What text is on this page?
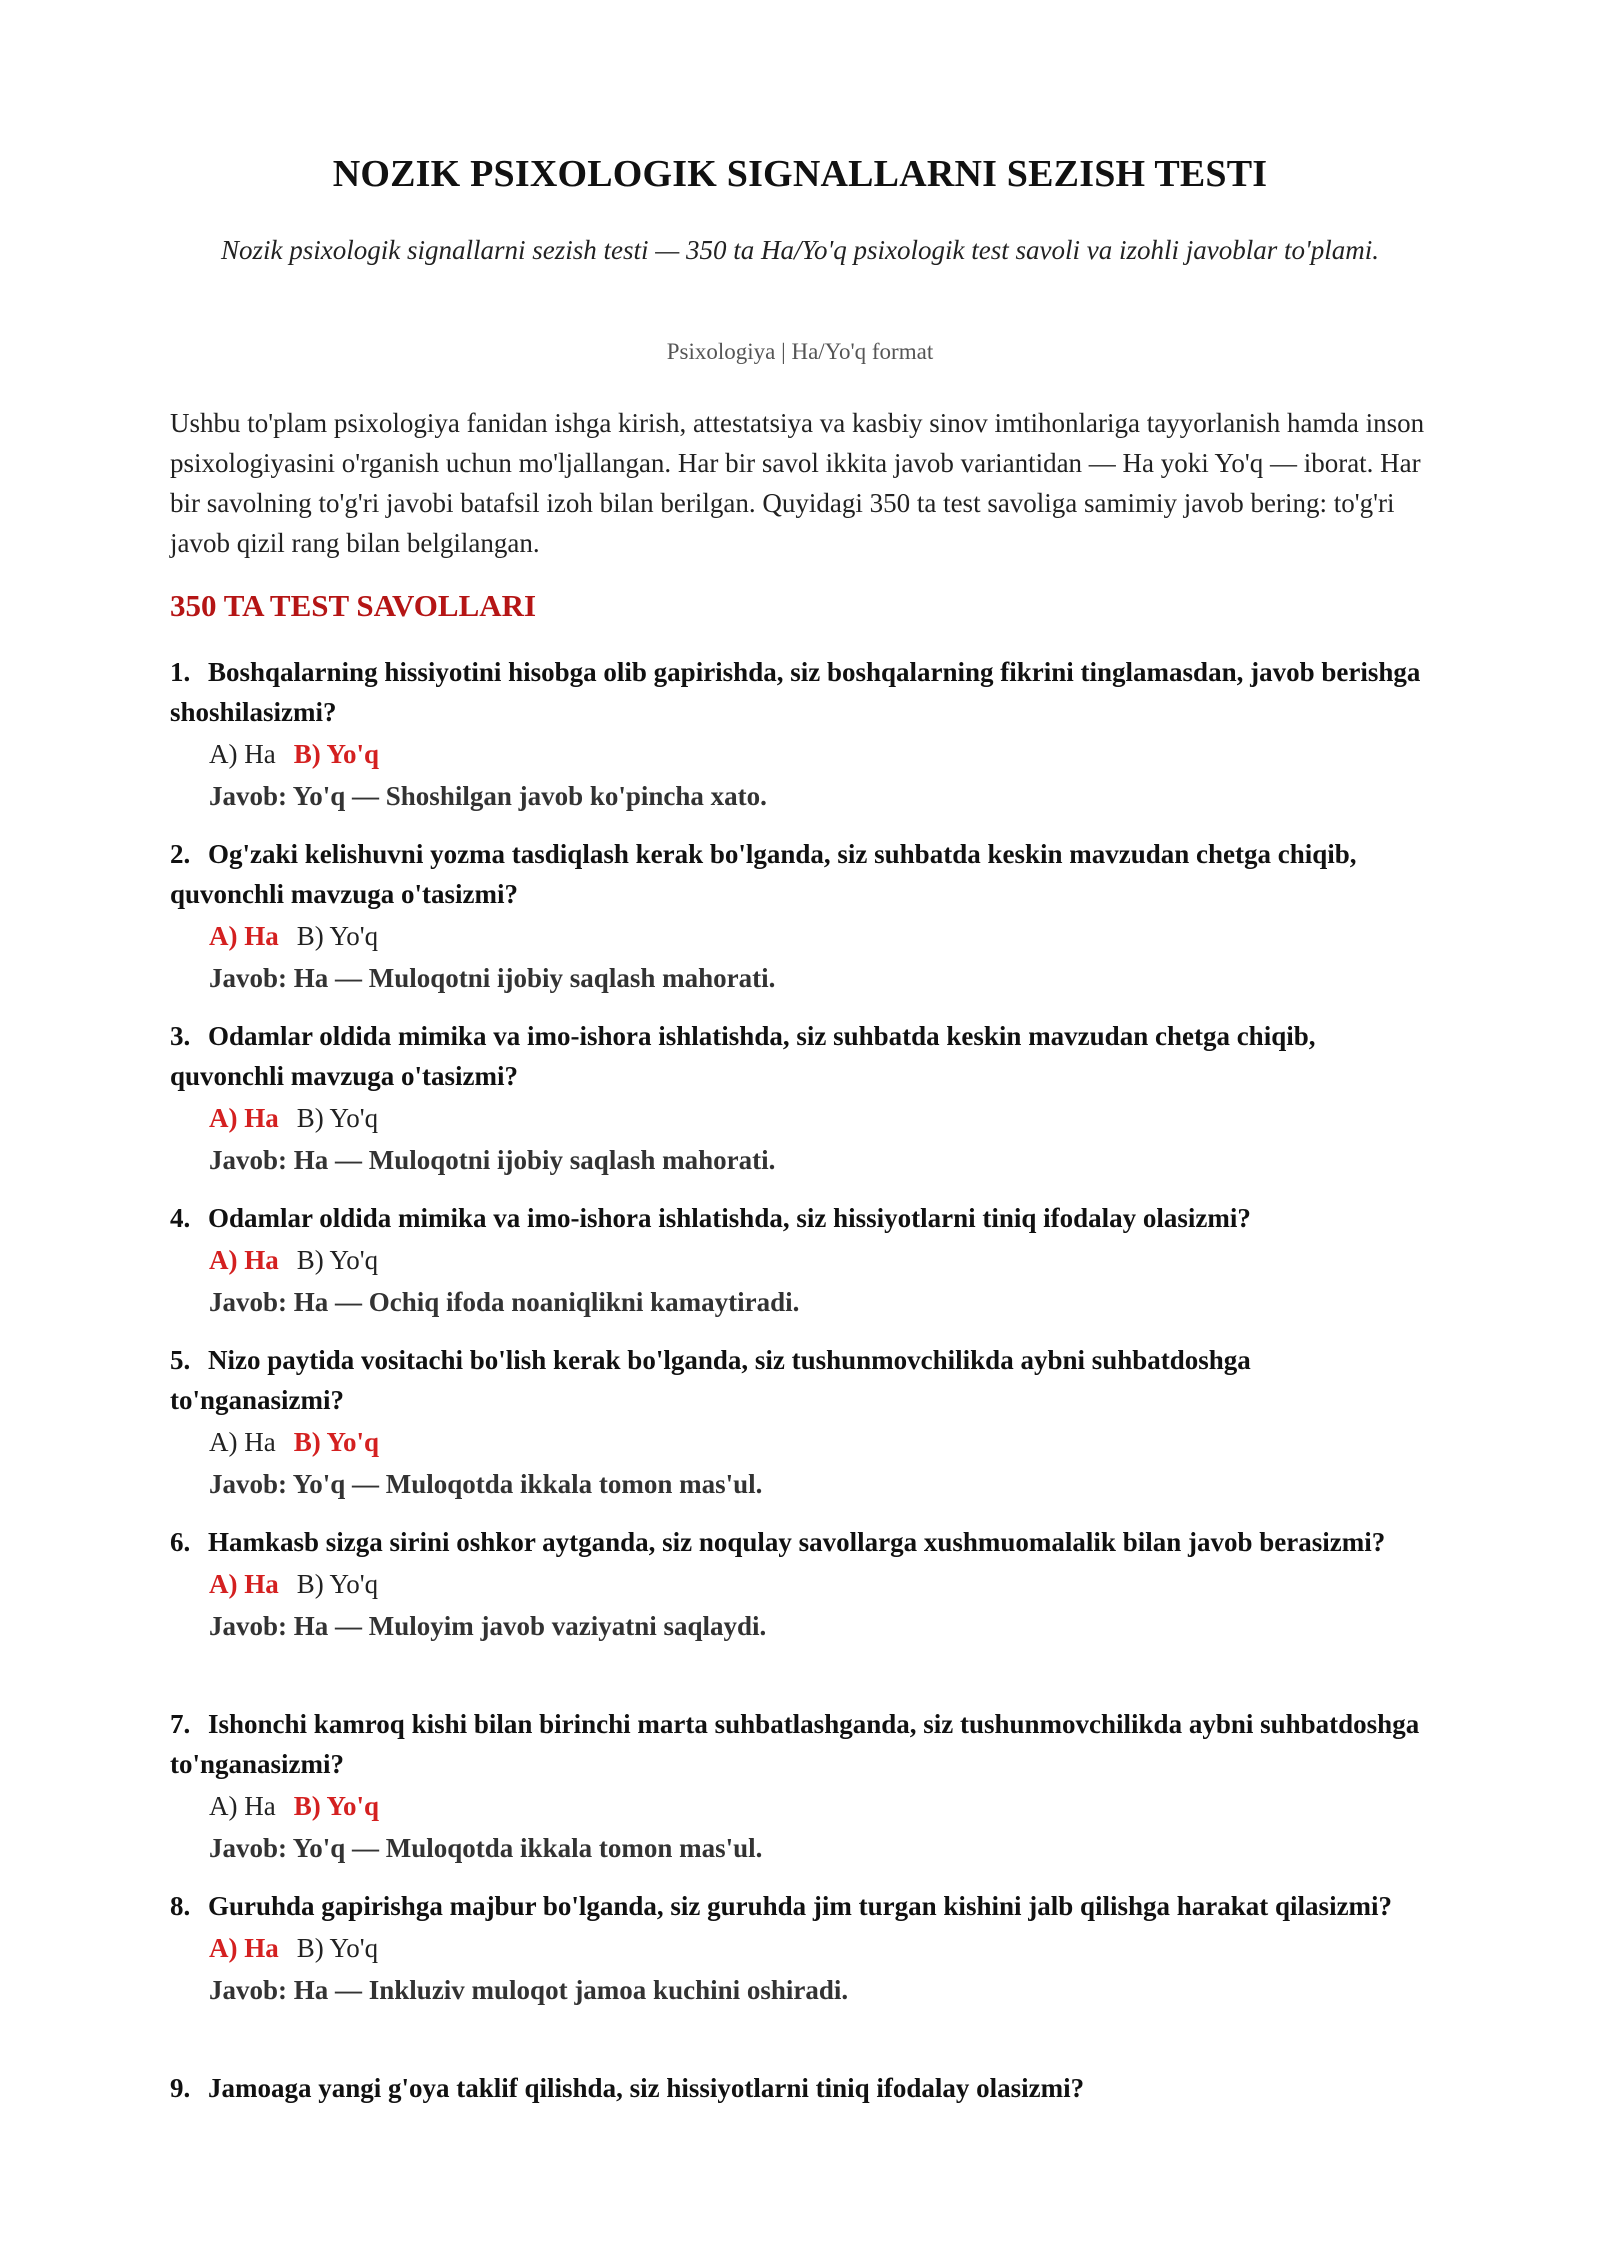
NOZIK PSIXOLOGIK SIGNALLARNI SEZISH TESTI
Nozik psixologik signallarni sezish testi — 350 ta Ha/Yo'q psixologik test savoli va izohli javoblar to'plami.
Psixologiya | Ha/Yo'q format
Ushbu to'plam psixologiya fanidan ishga kirish, attestatsiya va kasbiy sinov imtihonlariga tayyorlanish hamda inson psixologiyasini o'rganish uchun mo'ljallangan. Har bir savol ikkita javob variantidan — Ha yoki Yo'q — iborat. Har bir savolning to'g'ri javobi batafsil izoh bilan berilgan. Quyidagi 350 ta test savoliga samimiy javob bering: to'g'ri javob qizil rang bilan belgilangan.
350 TA TEST SAVOLLARI
1. Boshqalarning hissiyotini hisobga olib gapirishda, siz boshqalarning fikrini tinglamasdan, javob berishga shoshilasizmi?
A) Ha B) Yo'q
Javob: Yo'q — Shoshilgan javob ko'pincha xato.
2. Og'zaki kelishuvni yozma tasdiqlash kerak bo'lganda, siz suhbatda keskin mavzudan chetga chiqib, quvonchli mavzuga o'tasizmi?
A) Ha B) Yo'q
Javob: Ha — Muloqotni ijobiy saqlash mahorati.
3. Odamlar oldida mimika va imo-ishora ishlatishda, siz suhbatda keskin mavzudan chetga chiqib, quvonchli mavzuga o'tasizmi?
A) Ha B) Yo'q
Javob: Ha — Muloqotni ijobiy saqlash mahorati.
4. Odamlar oldida mimika va imo-ishora ishlatishda, siz hissiyotlarni tiniq ifodalay olasizmi?
A) Ha B) Yo'q
Javob: Ha — Ochiq ifoda noaniqlikni kamaytiradi.
5. Nizo paytida vositachi bo'lish kerak bo'lganda, siz tushunmovchilikda aybni suhbatdoshga to'nganasizmi?
A) Ha B) Yo'q
Javob: Yo'q — Muloqotda ikkala tomon mas'ul.
6. Hamkasb sizga sirini oshkor aytganda, siz noqulay savollarga xushmuomalalik bilan javob berasizmi?
A) Ha B) Yo'q
Javob: Ha — Muloyim javob vaziyatni saqlaydi.
7. Ishonchi kamroq kishi bilan birinchi marta suhbatlashganda, siz tushunmovchilikda aybni suhbatdoshga to'nganasizmi?
A) Ha B) Yo'q
Javob: Yo'q — Muloqotda ikkala tomon mas'ul.
8. Guruhda gapirishga majbur bo'lganda, siz guruhda jim turgan kishini jalb qilishga harakat qilasizmi?
A) Ha B) Yo'q
Javob: Ha — Inkluziv muloqot jamoa kuchini oshiradi.
9. Jamoaga yangi g'oya taklif qilishda, siz hissiyotlarni tiniq ifodalay olasizmi?
